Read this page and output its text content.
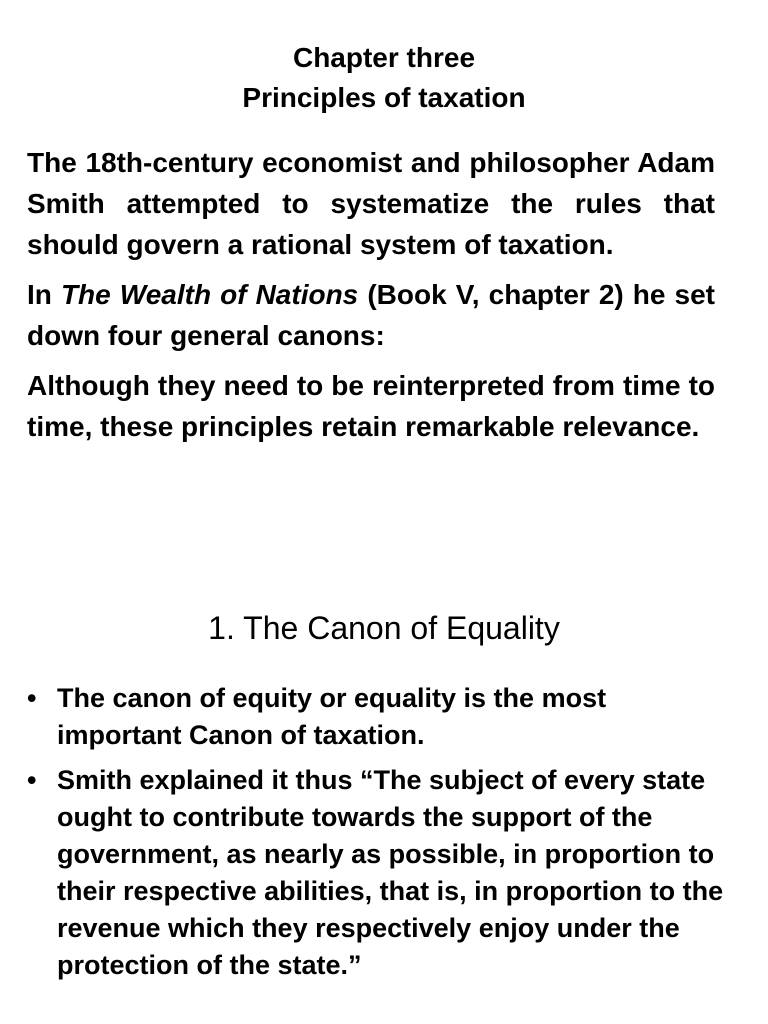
Chapter three
Principles of taxation

The 18th-century economist and philosopher Adam Smith attempted to systematize the rules that should govern a rational system of taxation.

In The Wealth of Nations (Book V, chapter 2) he set down four general canons:

Although they need to be reinterpreted from time to time, these principles retain remarkable relevance.

1. The Canon of Equality
• The canon of equity or equality is the most important Canon of taxation.
• Smith explained it thus “The subject of every state ought to contribute towards the support of the government, as nearly as possible, in proportion to their respective abilities, that is, in proportion to the revenue which they respectively enjoy under the protection of the state.”
